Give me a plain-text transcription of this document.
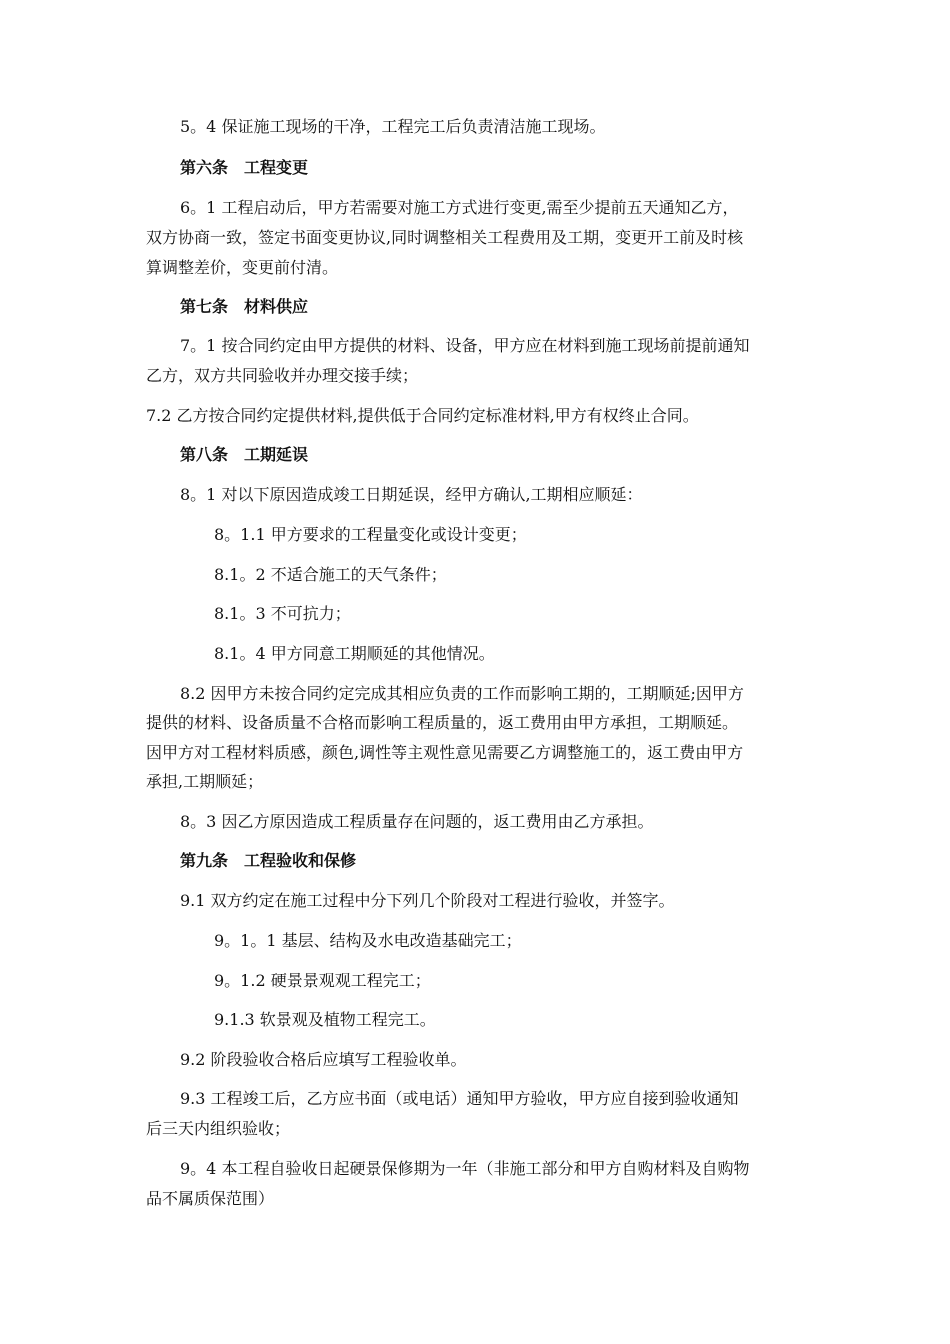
5。4 保证施工现场的干净，工程完工后负责清洁施工现场。
第六条　工程变更
6。1 工程启动后，甲方若需要对施工方式进行变更,需至少提前五天通知乙方，
双方协商一致，签定书面变更协议,同时调整相关工程费用及工期，变更开工前及时核
算调整差价，变更前付清。
第七条　材料供应
7。1 按合同约定由甲方提供的材料、设备，甲方应在材料到施工现场前提前通知
乙方，双方共同验收并办理交接手续；
7.2 乙方按合同约定提供材料,提供低于合同约定标准材料,甲方有权终止合同。
第八条　工期延误
8。1 对以下原因造成竣工日期延误，经甲方确认,工期相应顺延：
8。1.1 甲方要求的工程量变化或设计变更；
8.1。2 不适合施工的天气条件；
8.1。3 不可抗力；
8.1。4 甲方同意工期顺延的其他情况。
8.2 因甲方未按合同约定完成其相应负责的工作而影响工期的，工期顺延;因甲方
提供的材料、设备质量不合格而影响工程质量的，返工费用由甲方承担，工期顺延。
因甲方对工程材料质感，颜色,调性等主观性意见需要乙方调整施工的，返工费由甲方
承担,工期顺延；
8。3 因乙方原因造成工程质量存在问题的，返工费用由乙方承担。
第九条　工程验收和保修
9.1 双方约定在施工过程中分下列几个阶段对工程进行验收，并签字。
9。1。1 基层、结构及水电改造基础完工；
9。1.2 硬景景观观工程完工；
9.1.3 软景观及植物工程完工。
9.2 阶段验收合格后应填写工程验收单。
9.3 工程竣工后，乙方应书面（或电话）通知甲方验收，甲方应自接到验收通知
后三天内组织验收；
9。4 本工程自验收日起硬景保修期为一年（非施工部分和甲方自购材料及自购物
品不属质保范围）
